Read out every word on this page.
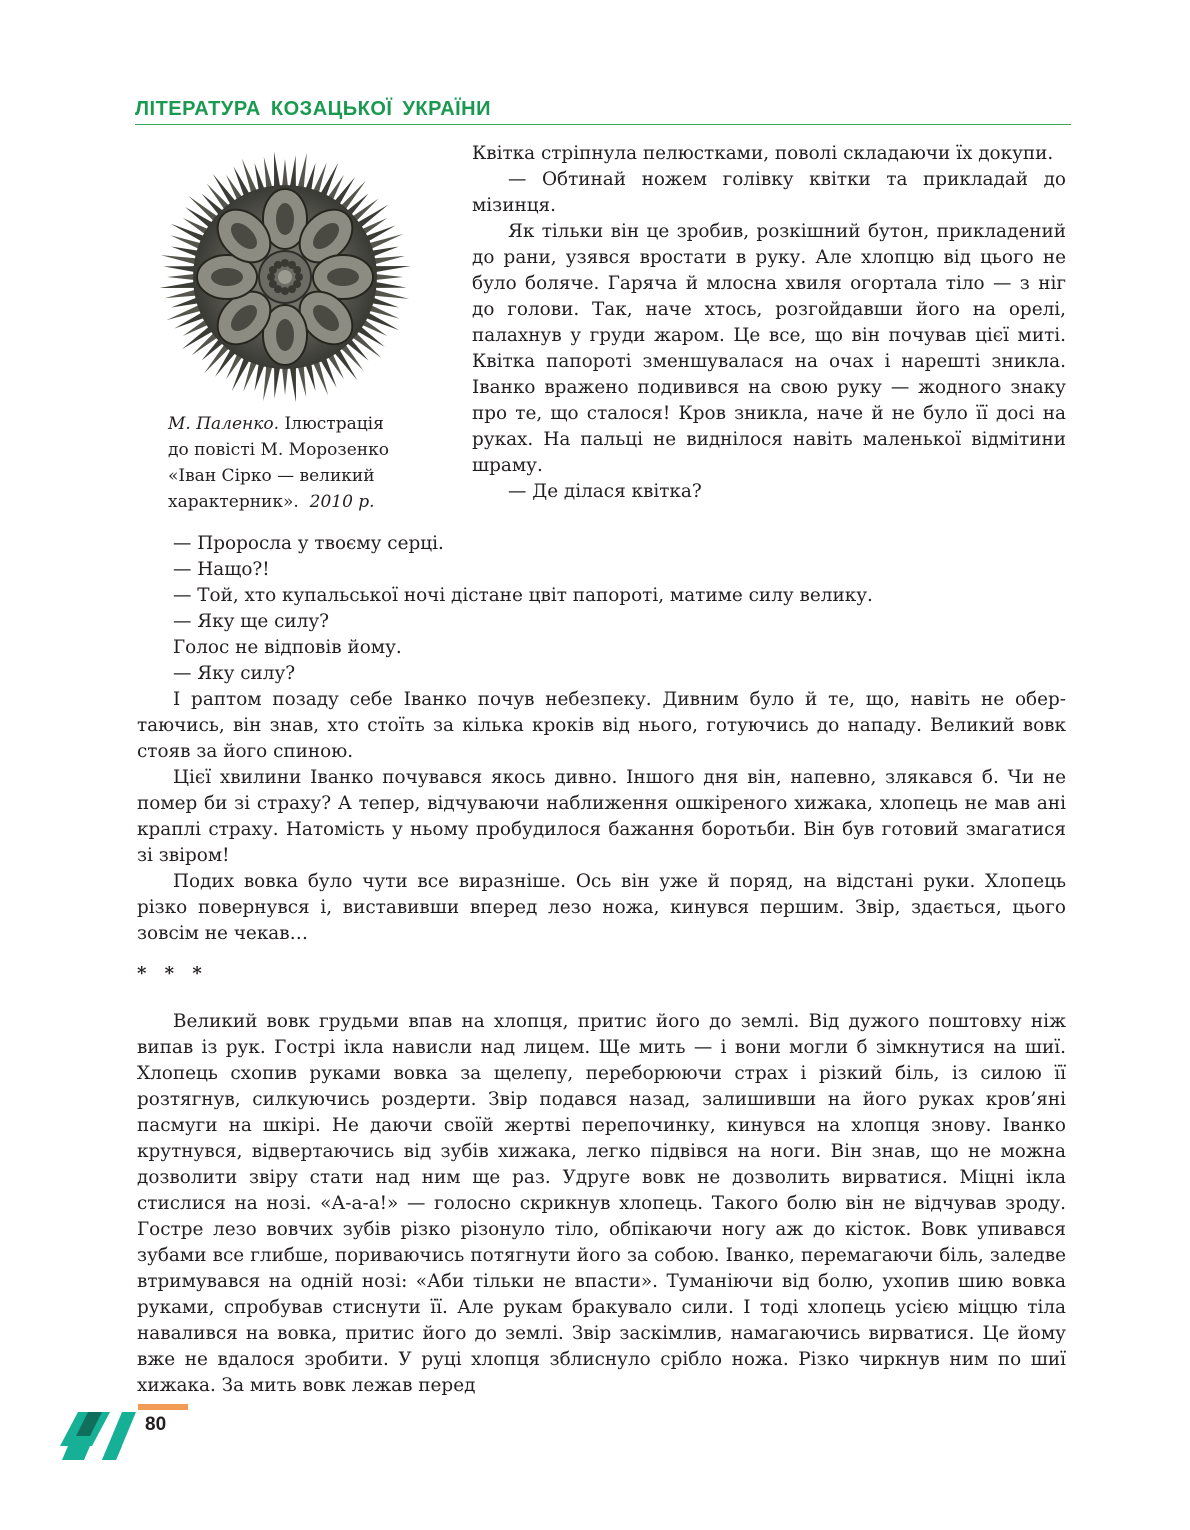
ЛІТЕРАТУРА КОЗАЦЬКОЇ УКРАЇНИ

М. Паленко. Ілюстрація

до повісті М. Морозенко

«Іван Сірко — великий

характерник». 2010 р.

Квітка стріпнула пелюстками, поволі складаючи їх докупи.

— Обтинай ножем голівку квітки та прикладай до мізинця.

Як тільки він це зробив, розкішний бутон, прикладений до рани, узявся вростати в руку. Але хлопцю від цього не було боляче. Гаряча й млосна хвиля огортала тіло — з ніг до голови. Так, наче хтось, розгойдавши його на орелі, палахнув у груди жаром. Це все, що він почував цієї миті. Квітка папороті зменшувалася на очах і нарешті зникла. Іванко вражено подивився на свою руку — жодного знаку про те, що сталося! Кров зникла, наче й не було її досі на руках. На пальці не виднілося навіть маленької відмітини шраму.

— Де ділася квітка?

— Проросла у твоєму серці.

— Нащо?!

— Той, хто купальської ночі дістане цвіт папороті, матиме силу велику.

— Яку ще силу?

Голос не відповів йому.

— Яку силу?

І раптом позаду себе Іванко почув небезпеку. Дивним було й те, що, навіть не обертаючись, він знав, хто стоїть за кілька кроків від нього, готуючись до нападу. Великий вовк стояв за його спиною.

Цієї хвилини Іванко почувався якось дивно. Іншого дня він, напевно, злякався б. Чи не помер би зі страху? А тепер, відчуваючи наближення ошкіреного хижака, хлопець не мав ані краплі страху. Натомість у ньому пробудилося бажання боротьби. Він був готовий змагатися зі звіром!

Подих вовка було чути все виразніше. Ось він уже й поряд, на відстані руки. Хлопець різко повернувся і, виставивши вперед лезо ножа, кинувся першим. Звір, здається, цього зовсім не чекав…

* * *

Великий вовк грудьми впав на хлопця, притис його до землі. Від дужого поштовху ніж випав із рук. Гострі ікла нависли над лицем. Ще мить — і вони могли б зімкнутися на шиї. Хлопець схопив руками вовка за щелепу, переборюючи страх і різкий біль, із силою її розтягнув, силкуючись роздерти. Звір подався назад, залишивши на його руках кров’яні пасмуги на шкірі. Не даючи своїй жертві перепочинку, кинувся на хлопця знову. Іванко крутнувся, відвертаючись від зубів хижака, легко підвівся на ноги. Він знав, що не можна дозволити звіру стати над ним ще раз. Удруге вовк не дозволить вирватися. Міцні ікла стислися на нозі. «А-а-а!» — голосно скрикнув хлопець. Такого болю він не відчував зроду. Гостре лезо вовчих зубів різко різонуло тіло, обпікаючи ногу аж до кісток. Вовк упивався зубами все глибше, пориваючись потягнути його за собою. Іванко, перемагаючи біль, заледве втримувався на одній нозі: «Аби тільки не впасти». Туманіючи від болю, ухопив шию вовка руками, спробував стиснути її. Але рукам бракувало сили. І тоді хлопець усією міццю тіла навалився на вовка, притис його до землі. Звір заскімлив, намагаючись вирватися. Це йому вже не вдалося зробити. У руці хлопця зблиснуло срібло ножа. Різко чиркнув ним по шиї хижака. За мить вовк лежав перед

80
